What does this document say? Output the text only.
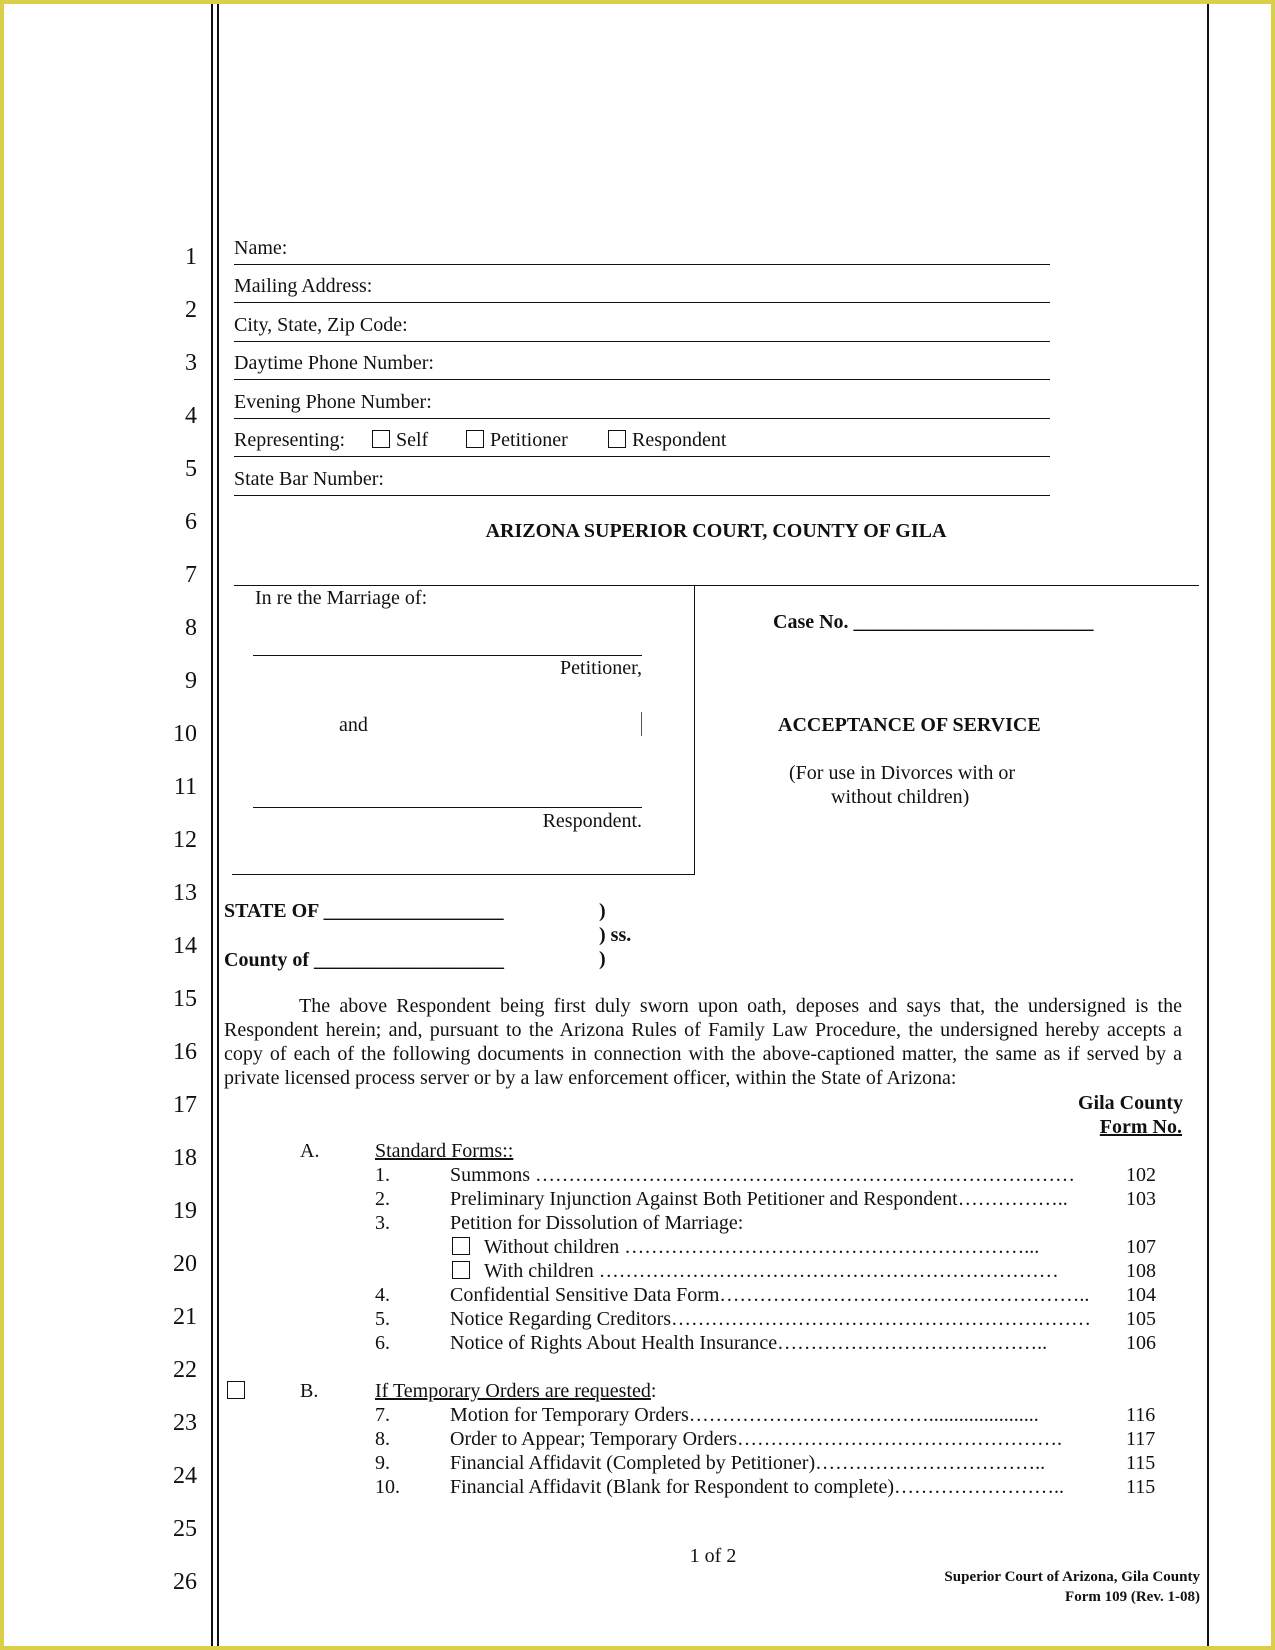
1
2
3
4
5
6
7
8
9
10
11
12
13
14
15
16
17
18
19
20
21
22
23
24
25
26
Name:
Mailing Address:
City, State, Zip Code:
Daytime Phone Number:
Evening Phone Number:
Representing:	Self	Petitioner	Respondent
State Bar Number:
ARIZONA SUPERIOR COURT, COUNTY OF GILA
In re the Marriage of:
Petitioner,
and
Respondent.
Case No. ________________________
ACCEPTANCE OF SERVICE
(For use in Divorces with or
without children)
STATE OF __________________
County of ___________________
)
) ss.
)
The above Respondent being first duly sworn upon oath, deposes and says that, the undersigned is the Respondent herein; and, pursuant to the Arizona Rules of Family Law Procedure, the undersigned hereby accepts a copy of each of the following documents in connection with the above-captioned matter, the same as if served by a private licensed process server or by a law enforcement officer, within the State of Arizona:
Gila County
Form No.
A.	Standard Forms::
1.	Summons ………………………………………………………………………	102
2.	Preliminary Injunction Against Both Petitioner and Respondent……………..	103
3.	Petition for Dissolution of Marriage:
Without children ……………………………………………………...	107
With children ……………………………………………………………	108
4.	Confidential Sensitive Data Form……………………………………………….. 104
5.	Notice Regarding Creditors……………………………………………………… 105
6.	Notice of Rights About Health Insurance…………………………………..	106
B.	If Temporary Orders are requested:
7.	Motion for Temporary Orders………………………………......................	116
8.	Order to Appear; Temporary Orders………………………………………….	117
9.	Financial Affidavit (Completed by Petitioner)……………………………..	115
10.	Financial Affidavit (Blank for Respondent to complete)……………………..	115
1 of 2
Superior Court of Arizona, Gila County
Form 109 (Rev. 1-08)
